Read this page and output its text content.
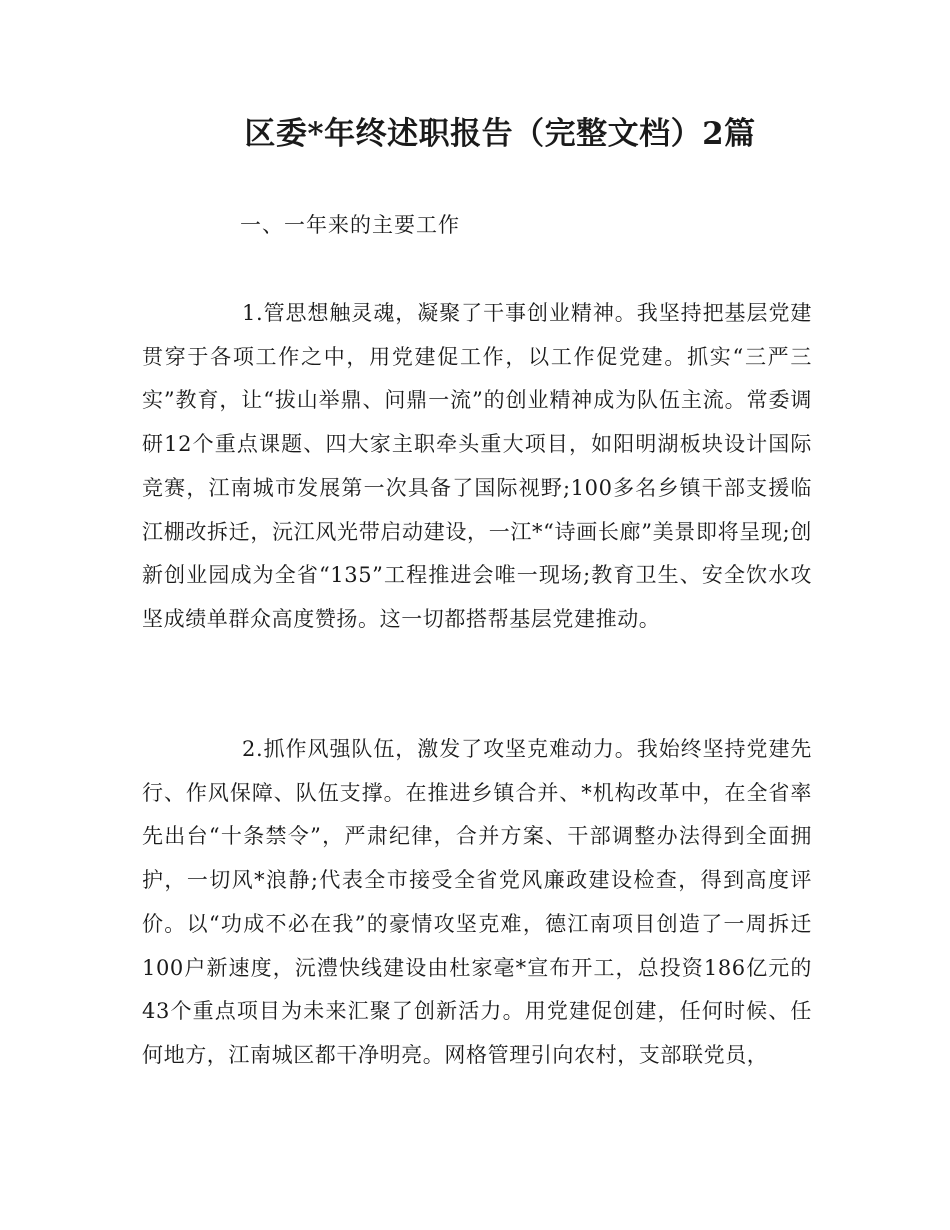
区委*年终述职报告（完整文档）2篇

一、一年来的主要工作

1.管思想触灵魂，凝聚了干事创业精神。我坚持把基层党建贯穿于各项工作之中，用党建促工作，以工作促党建。抓实“三严三实”教育，让“拔山举鼎、问鼎一流”的创业精神成为队伍主流。常委调研12个重点课题、四大家主职牵头重大项目，如阳明湖板块设计国际竞赛，江南城市发展第一次具备了国际视野;100多名乡镇干部支援临江棚改拆迁，沅江风光带启动建设，一江*“诗画长廊”美景即将呈现;创新创业园成为全省“135”工程推进会唯一现场;教育卫生、安全饮水攻坚成绩单群众高度赞扬。这一切都搭帮基层党建推动。

2.抓作风强队伍，激发了攻坚克难动力。我始终坚持党建先行、作风保障、队伍支撑。在推进乡镇合并、*机构改革中，在全省率先出台“十条禁令”，严肃纪律，合并方案、干部调整办法得到全面拥护，一切风*浪静;代表全市接受全省党风廉政建设检查，得到高度评价。以“功成不必在我”的豪情攻坚克难，德江南项目创造了一周拆迁100户新速度，沅澧快线建设由杜家毫*宣布开工，总投资186亿元的43个重点项目为未来汇聚了创新活力。用党建促创建，任何时候、任何地方，江南城区都干净明亮。网格管理引向农村，支部联党员，
